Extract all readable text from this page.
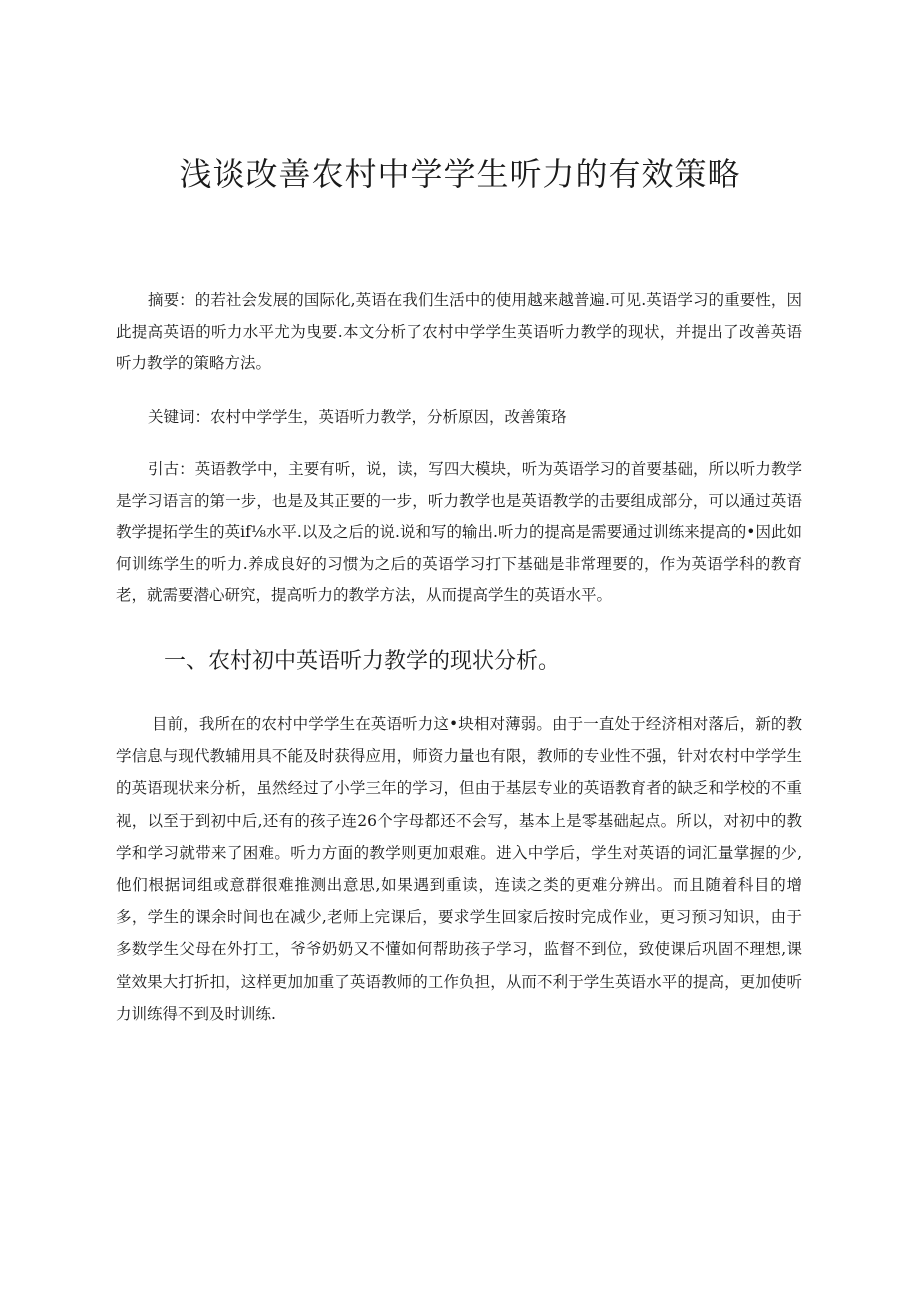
浅谈改善农村中学学生听力的有效策略

摘要：的若社会发展的国际化,英语在我们生活中的使用越来越普遍.可见.英语学习的重要性，因此提高英语的听力水平尤为曳要.本文分析了农村中学学生英语听力教学的现状，并提出了改善英语听力教学的策略方法。

关键词：农村中学学生，英语听力教学，分析原因，改善策珞

引古：英语教学中，主要有听，说，读，写四大模块，听为英语学习的首要基础，所以听力教学是学习语言的第一步，也是及其正要的一步，听力教学也是英语教学的击要组成部分，可以通过英语教学提拓学生的英if⅛水平.以及之后的说.说和写的输出.听力的提高是需要通过训练来提高的•因此如何训练学生的听力.养成良好的习惯为之后的英语学习打下基础是非常理要的，作为英语学科的教育老，就需要潜心研究，提高听力的教学方法，从而提高学生的英语水平。

一、农村初中英语听力教学的现状分析。

目前，我所在的农村中学学生在英语听力这•块相对薄弱。由于一直处于经济相对落后，新的教学信息与现代教辅用具不能及时获得应用，师资力量也有限，教师的专业性不强，针对农村中学学生的英语现状来分析，虽然经过了小学三年的学习，但由于基层专业的英语教育者的缺乏和学校的不重视，以至于到初中后,还有的孩子连26个字母都还不会写，基本上是零基础起点。所以，对初中的教学和学习就带来了困难。听力方面的教学则更加艰难。进入中学后，学生对英语的词汇量掌握的少,他们根据词组或意群很难推测出意思,如果遇到重读，连读之类的更难分辨出。而且随着科目的增多，学生的课余时间也在减少,老师上完课后，要求学生回家后按时完成作业，更习预习知识，由于多数学生父母在外打工，爷爷奶奶又不懂如何帮助孩子学习，监督不到位，致使课后巩固不理想,课堂效果大打折扣，这样更加加重了英语教师的工作负担，从而不利于学生英语水平的提高，更加使听力训练得不到及时训练.
